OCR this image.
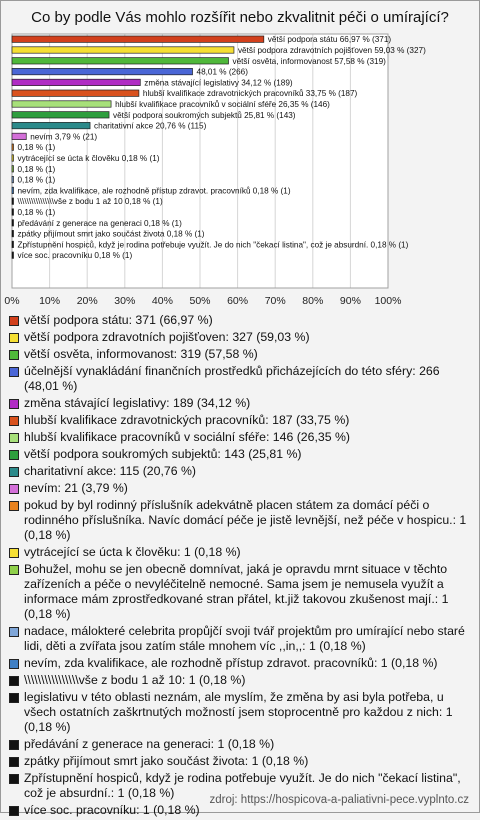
Co by podle Vás mohlo rozšířit nebo zkvalitnit péči o umírající?
0% 10% 20% 30% 40% 50% 60% 70% 80% 90% 100%
větší podpora státu 66,97 % (371)
větší podpora zdravotních pojišťoven 59,03 % (327)
větší osvěta, informovanost 57,58 % (319)
48,01 % (266)
změna stávající legislativy 34,12 % (189)
hlubší kvalifikace zdravotnických pracovníků 33,75 % (187)
hlubší kvalifikace pracovníků v sociální sféře 26,35 % (146)
větší podpora soukromých subjektů 25,81 % (143)
charitativní akce 20,76 % (115)
nevím 3,79 % (21)
0,18 % (1)
vytrácející se úcta k člověku 0,18 % (1)
0,18 % (1)
0,18 % (1)
nevím, zda kvalifikace, ale rozhodně přístup zdravot. pracovníků 0,18 % (1)
\\\\\\\\\\\\\\\\vše z bodu 1 až 10 0,18 % (1)
0,18 % (1)
předávání z generace na generaci 0,18 % (1)
zpátky přijímout smrt jako součást života 0,18 % (1)
Zpřístupnění hospiců, když je rodina potřebuje využít. Je do nich "čekací listina", což je absurdní. 0,18 % (1)
více soc. pracovníku 0,18 % (1)
větší podpora státu: 371 (66,97 %)
větší podpora zdravotních pojišťoven: 327 (59,03 %)
větší osvěta, informovanost: 319 (57,58 %)
účelnější vynakládání finančních prostředků přicházejících do této sféry: 266 (48,01 %)
změna stávající legislativy: 189 (34,12 %)
hlubší kvalifikace zdravotnických pracovníků: 187 (33,75 %)
hlubší kvalifikace pracovníků v sociální sféře: 146 (26,35 %)
větší podpora soukromých subjektů: 143 (25,81 %)
charitativní akce: 115 (20,76 %)
nevím: 21 (3,79 %)
pokud by byl rodinný příslušník adekvátně placen státem za domácí péči o rodinného příslušníka. Navíc domácí péče je jistě levnější, než péče v hospicu.: 1 (0,18 %)
vytrácející se úcta k člověku: 1 (0,18 %)
Bohužel, mohu se jen obecně domnívat, jaká je opravdu mrnt situace v těchto zařízeních a péče o nevyléčitelně nemocné. Sama jsem je nemusela využít a informace mám zprostředkované stran přátel, kt.již takovou zkušenost mají.: 1 (0,18 %)
nadace, málokteré celebrita propůjčí svoji tvář projektům pro umírající nebo staré lidi, děti a zvířata jsou zatím stále mnohem víc ,,in,,: 1 (0,18 %)
nevím, zda kvalifikace, ale rozhodně přístup zdravot. pracovníků: 1 (0,18 %)
\\\\\\\\\\\\\\\\vše z bodu 1 až 10: 1 (0,18 %)
legislativu v této oblasti neznám, ale myslím, že změna by asi byla potřeba, u všech ostatních zaškrtnutých možností jsem stoprocentně pro každou z nich: 1 (0,18 %)
předávání z generace na generaci: 1 (0,18 %)
zpátky přijímout smrt jako součást života: 1 (0,18 %)
Zpřístupnění hospiců, když je rodina potřebuje využít. Je do nich "čekací listina", což je absurdní.: 1 (0,18 %)
více soc. pracovníku: 1 (0,18 %)
zdroj: https://hospicova-a-paliativni-pece.vyplnto.cz
